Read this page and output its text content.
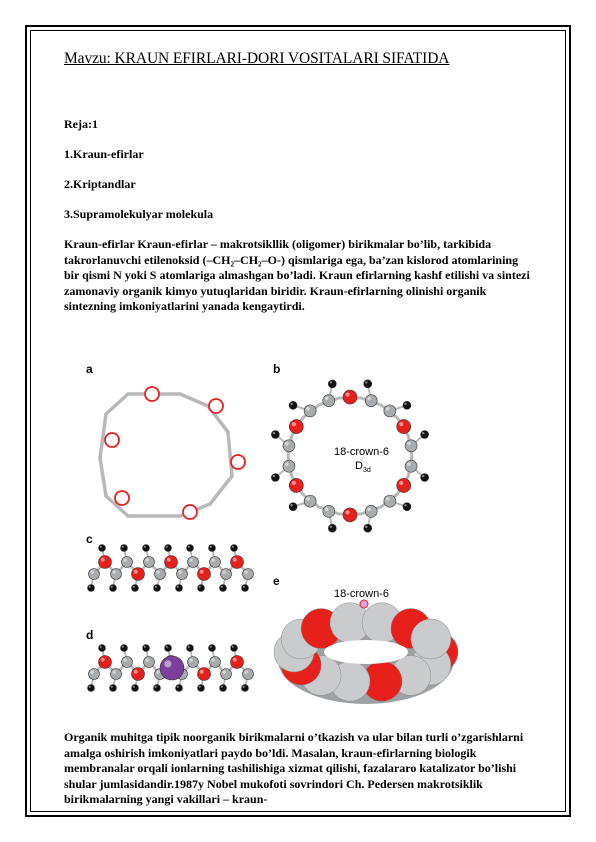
Mavzu: KRAUN EFIRLARI-DORI VOSITALARI SIFATIDA

Reja:1

1.Kraun-efirlar

2.Kriptandlar

3.Supramolekulyar molekula

Kraun-efirlar Kraun-efirlar – makrotsikllik (oligomer) birikmalar bo’lib, tarkibida takrorlanuvchi etilenoksid (–CH₂–CH₂–O-) qismlariga ega, ba’zan kislorod atomlarining bir qismi N yoki S atomlariga almashgan bo’ladi. Kraun efirlarning kashf etilishi va sintezi zamonaviy organik kimyo yutuqlaridan biridir. Kraun-efirlarning olinishi organik sintezning imkoniyatlarini yanada kengaytirdi.

Organik muhitga tipik noorganik birikmalarni o’tkazish va ular bilan turli o’zgarishlarni amalga oshirish imkoniyatlari paydo bo’ldi. Masalan, kraun-efirlarning biologik membranalar orqali ionlarning tashilishiga xizmat qilishi, fazalararo katalizator bo’lishi shular jumlasidandir.1987y Nobel mukofoti sovrindori Ch. Pedersen makrotsiklik birikmalarning yangi vakillari – kraun-

a	b
c
d
e
18-crown-6
$D_{3d}$
18-crown-6
